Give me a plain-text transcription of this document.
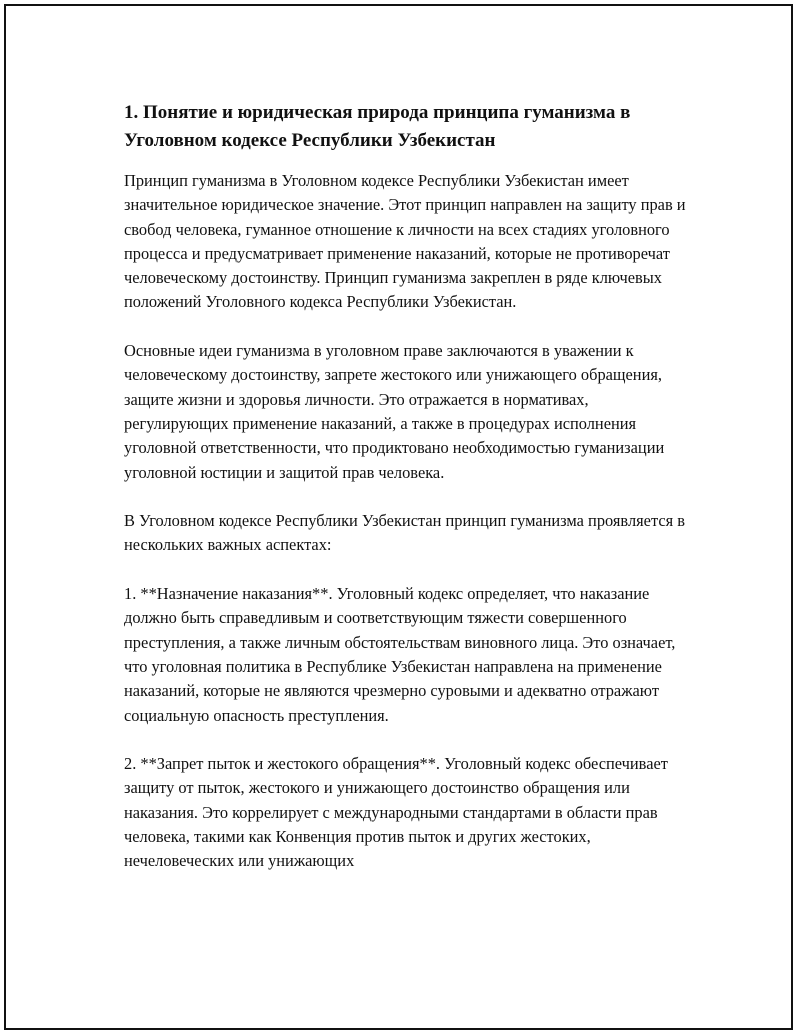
1. Понятие и юридическая природа принципа гуманизма в Уголовном кодексе Республики Узбекистан

Принцип гуманизма в Уголовном кодексе Республики Узбекистан имеет значительное юридическое значение. Этот принцип направлен на защиту прав и свобод человека, гуманное отношение к личности на всех стадиях уголовного процесса и предусматривает применение наказаний, которые не противоречат человеческому достоинству. Принцип гуманизма закреплен в ряде ключевых положений Уголовного кодекса Республики Узбекистан.

Основные идеи гуманизма в уголовном праве заключаются в уважении к человеческому достоинству, запрете жестокого или унижающего обращения, защите жизни и здоровья личности. Это отражается в нормативах, регулирующих применение наказаний, а также в процедурах исполнения уголовной ответственности, что продиктовано необходимостью гуманизации уголовной юстиции и защитой прав человека.

В Уголовном кодексе Республики Узбекистан принцип гуманизма проявляется в нескольких важных аспектах:

1. **Назначение наказания**. Уголовный кодекс определяет, что наказание должно быть справедливым и соответствующим тяжести совершенного преступления, а также личным обстоятельствам виновного лица. Это означает, что уголовная политика в Республике Узбекистан направлена на применение наказаний, которые не являются чрезмерно суровыми и адекватно отражают социальную опасность преступления.

2. **Запрет пыток и жестокого обращения**. Уголовный кодекс обеспечивает защиту от пыток, жестокого и унижающего достоинство обращения или наказания. Это коррелирует с международными стандартами в области прав человека, такими как Конвенция против пыток и других жестоких, нечеловеческих или унижающих
